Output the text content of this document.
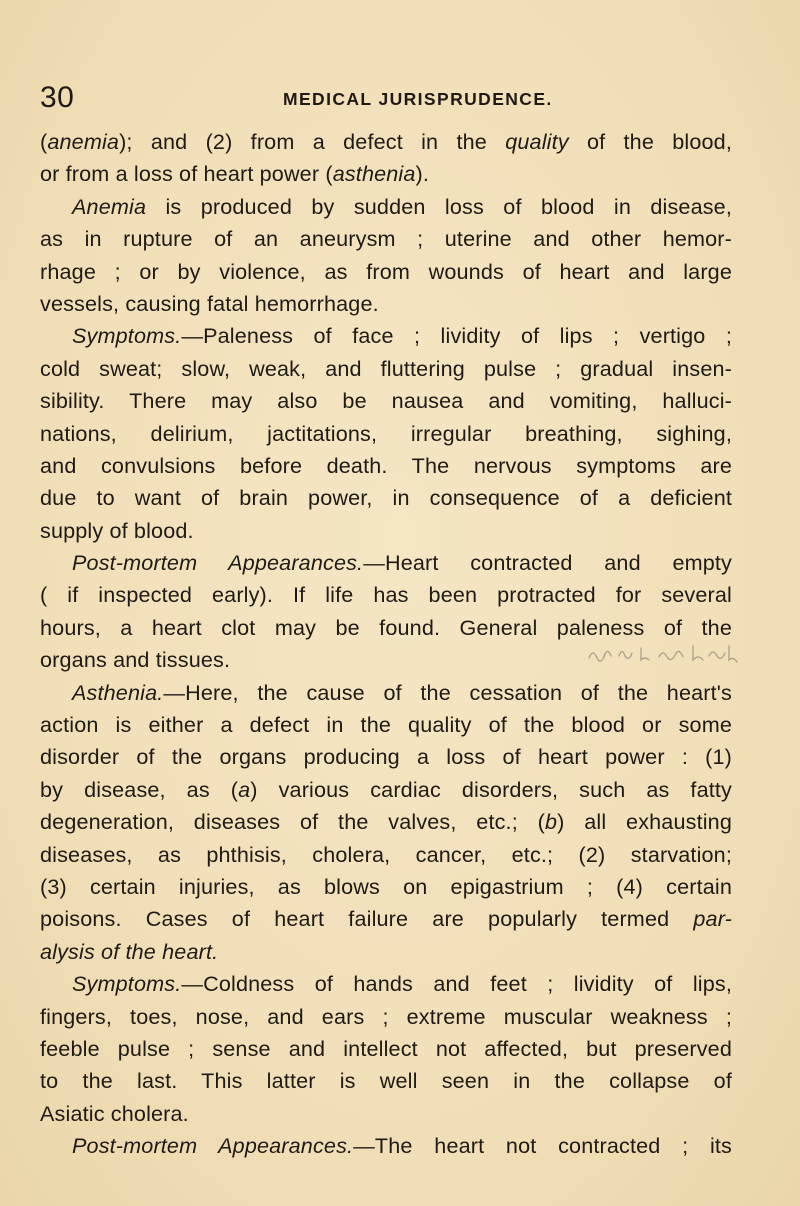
30	MEDICAL JURISPRUDENCE.
(anemia); and (2) from a defect in the quality of the blood,
or from a loss of heart power (asthenia).
Anemia is produced by sudden loss of blood in disease,
as in rupture of an aneurysm ; uterine and other hemor-
rhage ; or by violence, as from wounds of heart and large
vessels, causing fatal hemorrhage.
Symptoms.—Paleness of face ; lividity of lips ; vertigo ;
cold sweat; slow, weak, and fluttering pulse ; gradual insen-
sibility. There may also be nausea and vomiting, halluci-
nations, delirium, jactitations, irregular breathing, sighing,
and convulsions before death. The nervous symptoms are
due to want of brain power, in consequence of a deficient
supply of blood.
Post-mortem Appearances.—Heart contracted and empty
( if inspected early). If life has been protracted for several
hours, a heart clot may be found. General paleness of the
organs and tissues.
Asthenia.—Here, the cause of the cessation of the heart's
action is either a defect in the quality of the blood or some
disorder of the organs producing a loss of heart power : (1)
by disease, as (a) various cardiac disorders, such as fatty
degeneration, diseases of the valves, etc.; (b) all exhausting
diseases, as phthisis, cholera, cancer, etc.; (2) starvation;
(3) certain injuries, as blows on epigastrium ; (4) certain
poisons. Cases of heart failure are popularly termed par-
alysis of the heart.
Symptoms.—Coldness of hands and feet ; lividity of lips,
fingers, toes, nose, and ears ; extreme muscular weakness ;
feeble pulse ; sense and intellect not affected, but preserved
to the last. This latter is well seen in the collapse of
Asiatic cholera.
Post-mortem Appearances.—The heart not contracted ; its
